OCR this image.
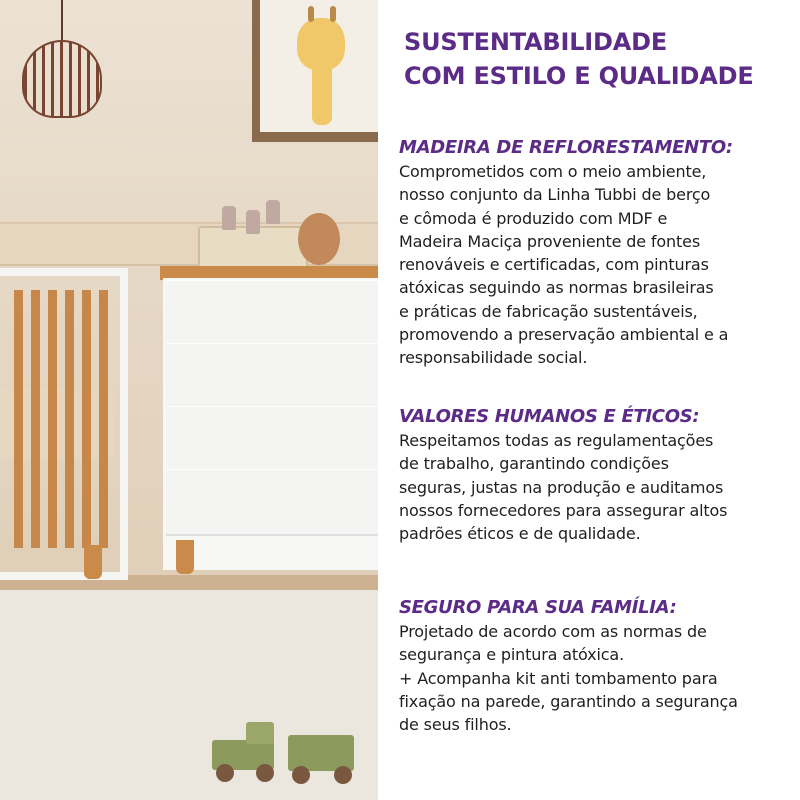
SUSTENTABILIDADE
COM ESTILO E QUALIDADE
MADEIRA DE REFLORESTAMENTO:

Comprometidos com o meio ambiente,
nosso conjunto da Linha Tubbi de berço
e cômoda é produzido com MDF e
Madeira Maciça proveniente de fontes
renováveis e certificadas, com pinturas
atóxicas seguindo as normas brasileiras
e práticas de fabricação sustentáveis,
promovendo a preservação ambiental e a
responsabilidade social.

VALORES HUMANOS E ÉTICOS:

Respeitamos todas as regulamentações
de trabalho, garantindo condições
seguras, justas na produção e auditamos
nossos fornecedores para assegurar altos
padrões éticos e de qualidade.

SEGURO PARA SUA FAMÍLIA:

Projetado de acordo com as normas de
segurança e pintura atóxica.
+ Acompanha kit anti tombamento para
fixação na parede, garantindo a segurança
de seus filhos.
